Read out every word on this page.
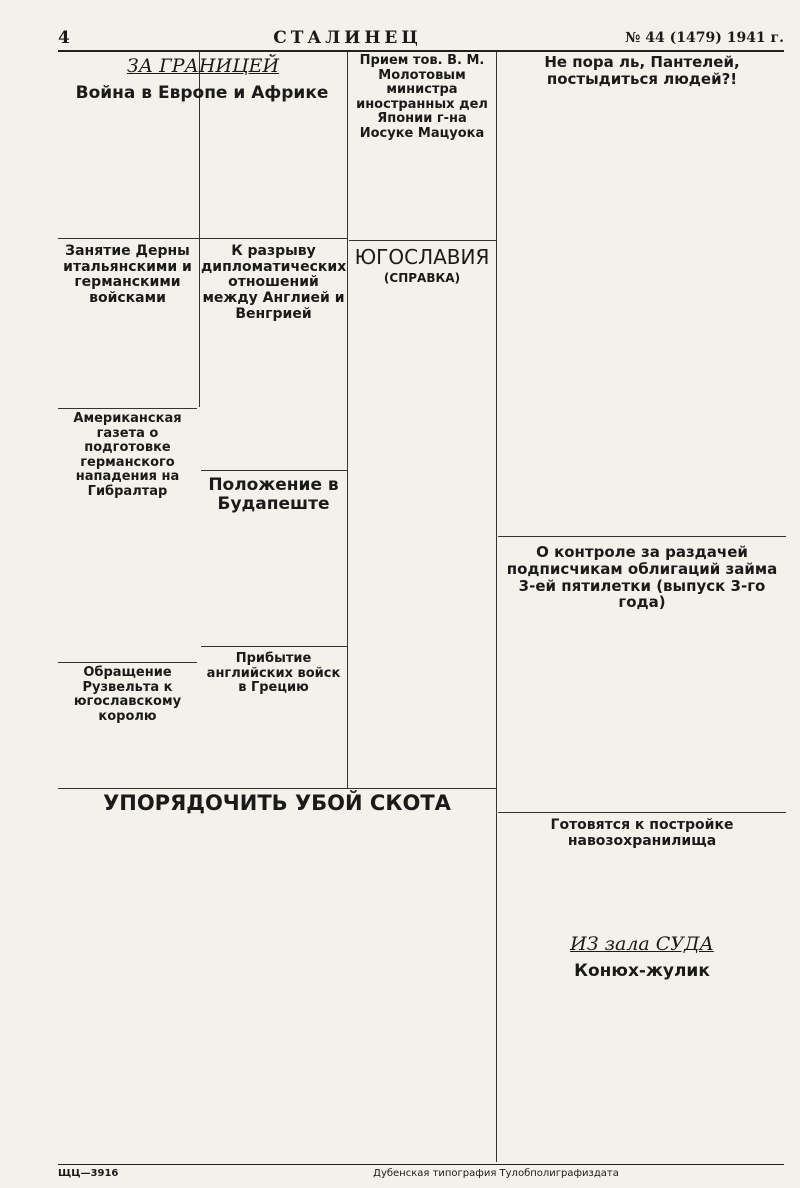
4	СТАЛИНЕЦ	№ 44 (1479) 1941 г.
ЗА ГРАНИЦЕЙ
Война в Европе и Африке

Занятие Дерны итальянскими и германскими войсками
К разрыву дипломатических отношений между Англией и Венгрией
Американская газета о подготовке германского нападения на Гибралтар	Положение в Будапеште
Обращение Рузвельта к югославскому королю
Прибытие английских войск в Грецию
Прием тов. В. М. Молотовым министра иностранных дел Японии г-на Иосуке Мацуока
ЮГОСЛАВИЯ
(СПРАВКА)
Не пора ль, Пантелей, постыдиться людей?!
О контроле за раздачей подписчикам облигаций займа 3-ей пятилетки (выпуск 3-го года)
УПОРЯДОЧИТЬ УБОЙ СКОТА
Готовятся к постройке навозохранилища
ИЗ зала СУДА
Конюх-жулик
ЩЦ—3916	Дубенская типография Тулобполиграфиздата
